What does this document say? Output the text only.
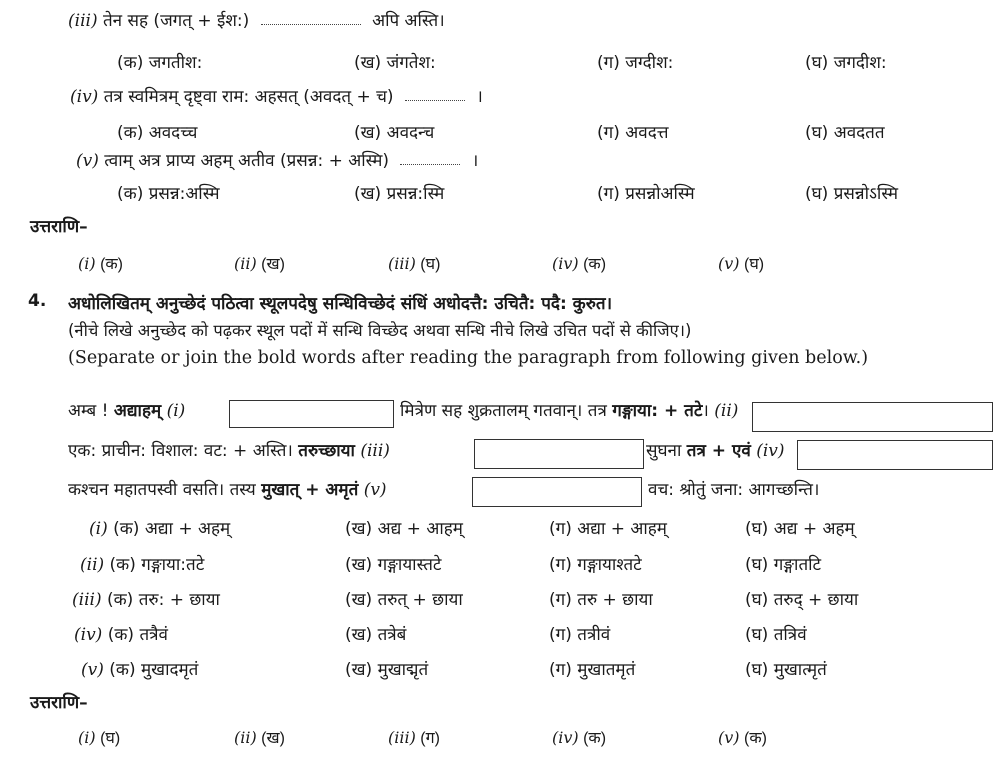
(iii) तेन सह (जगत् + ईश:)	अपि अस्ति।
(क) जगतीश:	(ख) जंगतेश:	(ग) जग्दीश:	(घ) जगदीश:
(iv) तत्र स्वमित्रम् दृष्ट्वा राम: अहसत् (अवदत् + च)	।
(क) अवदच्च	(ख) अवदन्च	(ग) अवदत्त	(घ) अवदतत
(v) त्वाम् अत्र प्राप्य अहम् अतीव (प्रसन्न: + अस्मि)	।
(क) प्रसन्न:अस्मि	(ख) प्रसन्न:स्मि	(ग) प्रसन्नोअस्मि	(घ) प्रसन्नोऽस्मि
उत्तराणि–
(i) (क)	(ii) (ख)	(iii) (घ)	(iv) (क)	(v) (घ)
4. अधोलिखितम् अनुच्छेदं पठित्वा स्थूलपदेषु सन्धिविच्छेदं संधिं अधोदत्तै: उचितै: पदै: कुरुत।
(नीचे लिखे अनुच्छेद को पढ़कर स्थूल पदों में सन्धि विच्छेद अथवा सन्धि नीचे लिखे उचित पदों से कीजिए।)
(Separate or join the bold words after reading the paragraph from following given below.)
अम्ब ! अद्याहम् (i)	मित्रेण सह शुक्रतालम् गतवान्। तत्र गङ्गाया: + तटे। (ii)
एक: प्राचीन: विशाल: वट: + अस्ति। तरुच्छाया (iii)	सुघना तत्र + एवं (iv)
कश्चन महातपस्वी वसति। तस्य मुखात् + अमृतं (v)	वच: श्रोतुं जना: आगच्छन्ति।
(i) (क) अद्या + अहम्	(ख) अद्य + आहम्	(ग) अद्या + आहम्	(घ) अद्य + अहम्
(ii) (क) गङ्गाया:तटे	(ख) गङ्गायास्तटे	(ग) गङ्गायाश्तटे	(घ) गङ्गातटि
(iii) (क) तरु: + छाया	(ख) तरुत् + छाया	(ग) तरु + छाया	(घ) तरुद् + छाया
(iv) (क) तत्रैवं	(ख) तत्रेबं	(ग) तत्रीवं	(घ) तत्रिवं
(v) (क) मुखादमृतं	(ख) मुखाद्मृतं	(ग) मुखातमृतं	(घ) मुखात्मृतं
उत्तराणि–
(i) (घ)	(ii) (ख)	(iii) (ग)	(iv) (क)	(v) (क)
